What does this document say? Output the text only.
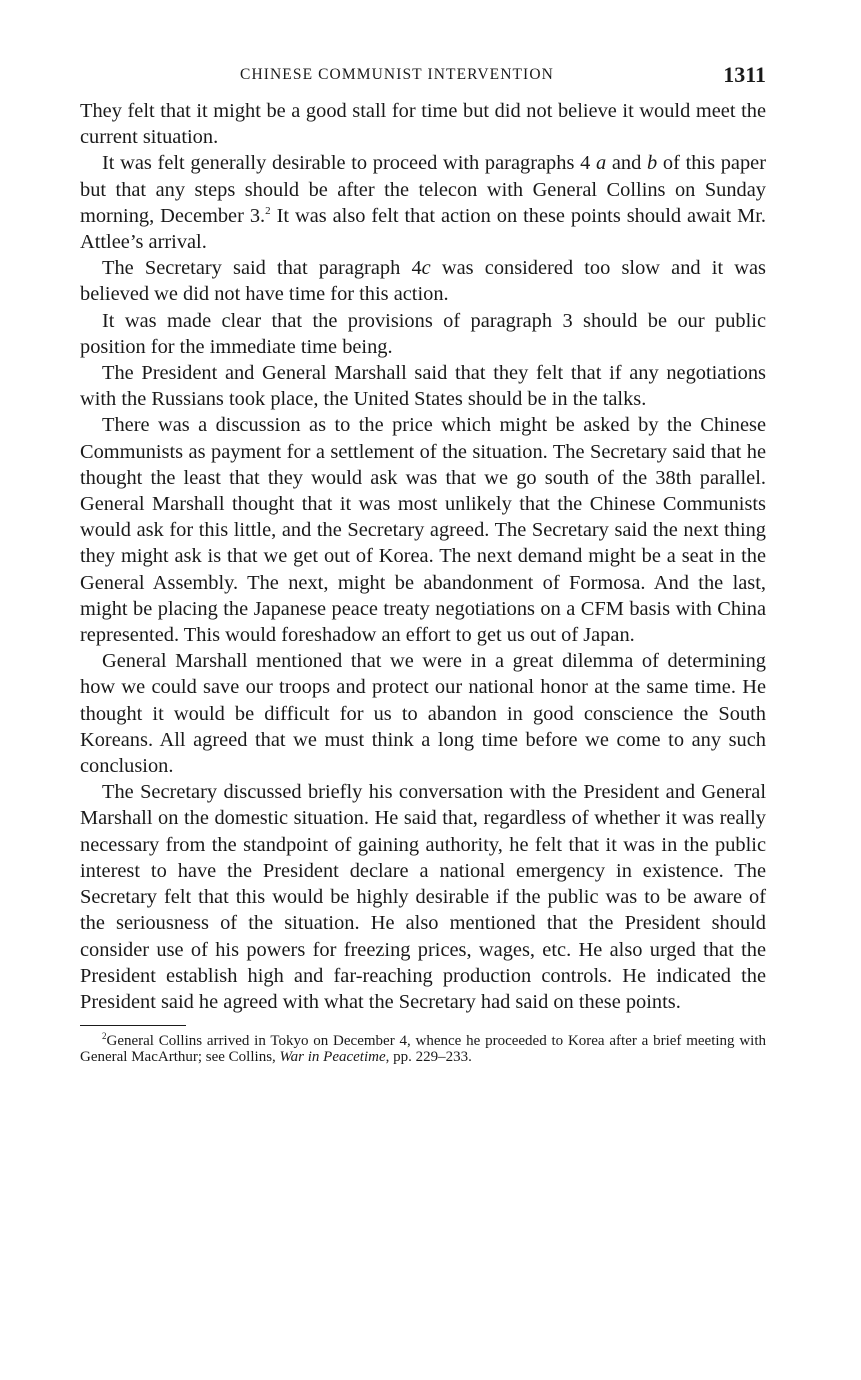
CHINESE COMMUNIST INTERVENTION	1311

They felt that it might be a good stall for time but did not believe it would meet the current situation.

It was felt generally desirable to proceed with paragraphs 4 a and b of this paper but that any steps should be after the telecon with General Collins on Sunday morning, December 3.$^2$ It was also felt that action on these points should await Mr. Attlee’s arrival.

The Secretary said that paragraph 4c was considered too slow and it was believed we did not have time for this action.

It was made clear that the provisions of paragraph 3 should be our public position for the immediate time being.

The President and General Marshall said that they felt that if any negotiations with the Russians took place, the United States should be in the talks.

There was a discussion as to the price which might be asked by the Chinese Communists as payment for a settlement of the situation. The Secretary said that he thought the least that they would ask was that we go south of the 38th parallel. General Marshall thought that it was most unlikely that the Chinese Communists would ask for this little, and the Secretary agreed. The Secretary said the next thing they might ask is that we get out of Korea. The next demand might be a seat in the General Assembly. The next, might be abandonment of Formosa. And the last, might be placing the Japanese peace treaty negotiations on a CFM basis with China represented. This would foreshadow an effort to get us out of Japan.

General Marshall mentioned that we were in a great dilemma of determining how we could save our troops and protect our national honor at the same time. He thought it would be difficult for us to abandon in good conscience the South Koreans. All agreed that we must think a long time before we come to any such conclusion.

The Secretary discussed briefly his conversation with the President and General Marshall on the domestic situation. He said that, regardless of whether it was really necessary from the standpoint of gaining authority, he felt that it was in the public interest to have the President declare a national emergency in existence. The Secretary felt that this would be highly desirable if the public was to be aware of the seriousness of the situation. He also mentioned that the President should consider use of his powers for freezing prices, wages, etc. He also urged that the President establish high and far-reaching production controls. He indicated the President said he agreed with what the Secretary had said on these points.

$^2$General Collins arrived in Tokyo on December 4, whence he proceeded to Korea after a brief meeting with General MacArthur; see Collins, War in Peacetime, pp. 229–233.
